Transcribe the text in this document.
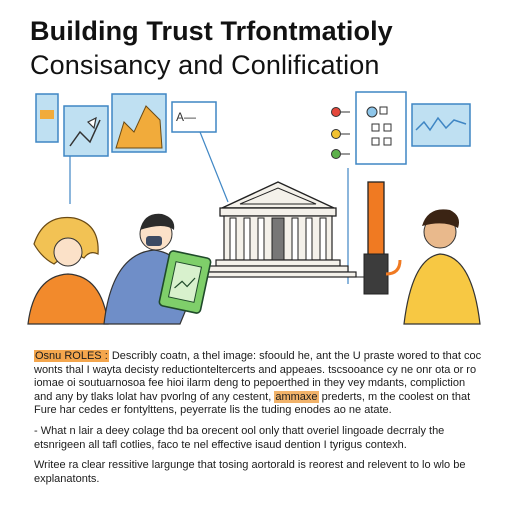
Building Trust Trfontmatioly
Consisancy and Conlification
A—

Osnu ROLES : Describly coatn, a thel image: sfoould he, ant the U praste wored to that coc wonts thal I wayta decisty reductionteltercerts and appeaes. tscsooance cy ne onr ota or ro iomae oi soutuarnosoa fee hioi ilarm deng to pepoerthed in they vey mdants, compliction and any by tlaks lolat hav pvorlng of any cestent, ammaxe prederts, m the coolest on that Fure har cedes er fontylttens, peyerrate lis the tuding enodes ao ne atate.

- What n lair a deey colage thd ba orecent ool only thatt overiel lingoade decrraly the etsnrigeen all tafl cotlies, faco te nel effective isaud dention I tyrigus contexh.

Writee ra clear ressitive largunge that tosing aortorald is reorest and relevent to lo wlo be explanatonts.
